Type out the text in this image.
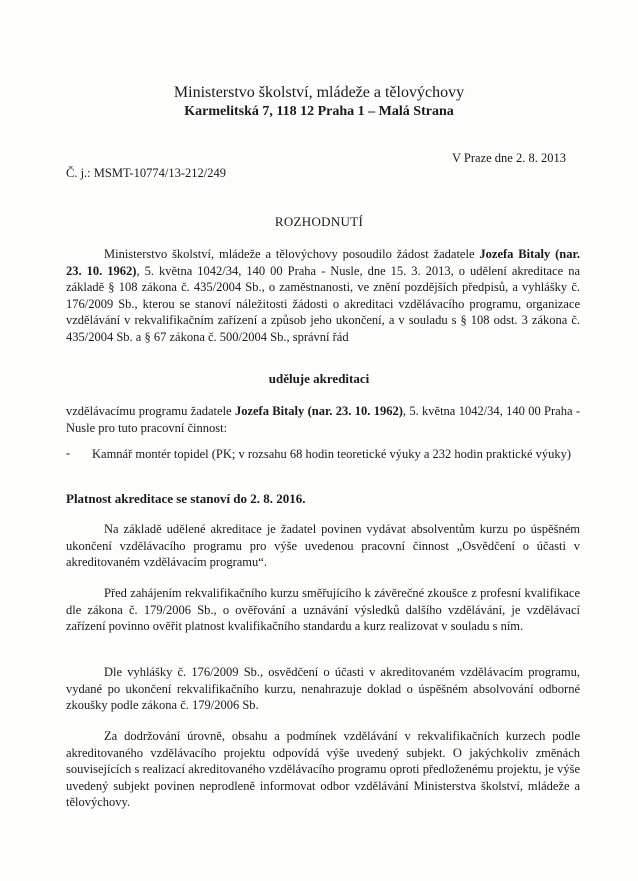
Ministerstvo školství, mládeže a tělovýchovy
Karmelitská 7, 118 12 Praha 1 – Malá Strana
V Praze dne 2. 8. 2013
Č. j.: MSMT-10774/13-212/249
ROZHODNUTÍ
Ministerstvo školství, mládeže a tělovýchovy posoudilo žádost žadatele Jozefa Bitaly (nar. 23. 10. 1962), 5. května 1042/34, 140 00 Praha - Nusle, dne 15. 3. 2013, o udělení akreditace na základě § 108 zákona č. 435/2004 Sb., o zaměstnanosti, ve znění pozdějších předpisů, a vyhlášky č. 176/2009 Sb., kterou se stanoví náležitosti žádosti o akreditaci vzdělávacího programu, organizace vzdělávání v rekvalifikačním zařízení a způsob jeho ukončení, a v souladu s § 108 odst. 3 zákona č. 435/2004 Sb. a § 67 zákona č. 500/2004 Sb., správní řád
uděluje akreditaci
vzdělávacímu programu žadatele Jozefa Bitaly (nar. 23. 10. 1962), 5. května 1042/34, 140 00 Praha - Nusle pro tuto pracovní činnost:
- Kamnář montér topidel (PK; v rozsahu 68 hodin teoretické výuky a 232 hodin praktické výuky)
Platnost akreditace se stanoví do 2. 8. 2016.
Na základě udělené akreditace je žadatel povinen vydávat absolventům kurzu po úspěšném ukončení vzdělávacího programu pro výše uvedenou pracovní činnost „Osvědčení o účasti v akreditovaném vzdělávacím programu“.
Před zahájením rekvalifikačního kurzu směřujícího k závěrečné zkoušce z profesní kvalifikace dle zákona č. 179/2006 Sb., o ověřování a uznávání výsledků dalšího vzdělávání, je vzdělávací zařízení povinno ověřit platnost kvalifikačního standardu a kurz realizovat v souladu s ním.
Dle vyhlášky č. 176/2009 Sb., osvědčení o účasti v akreditovaném vzdělávacím programu, vydané po ukončení rekvalifikačního kurzu, nenahrazuje doklad o úspěšném absolvování odborné zkoušky podle zákona č. 179/2006 Sb.
Za dodržování úrovně, obsahu a podmínek vzdělávání v rekvalifikačních kurzech podle akreditovaného vzdělávacího projektu odpovídá výše uvedený subjekt. O jakýchkoliv změnách souvisejících s realizací akreditovaného vzdělávacího programu oproti předloženému projektu, je výše uvedený subjekt povinen neprodleně informovat odbor vzdělávání Ministerstva školství, mládeže a tělovýchovy.
